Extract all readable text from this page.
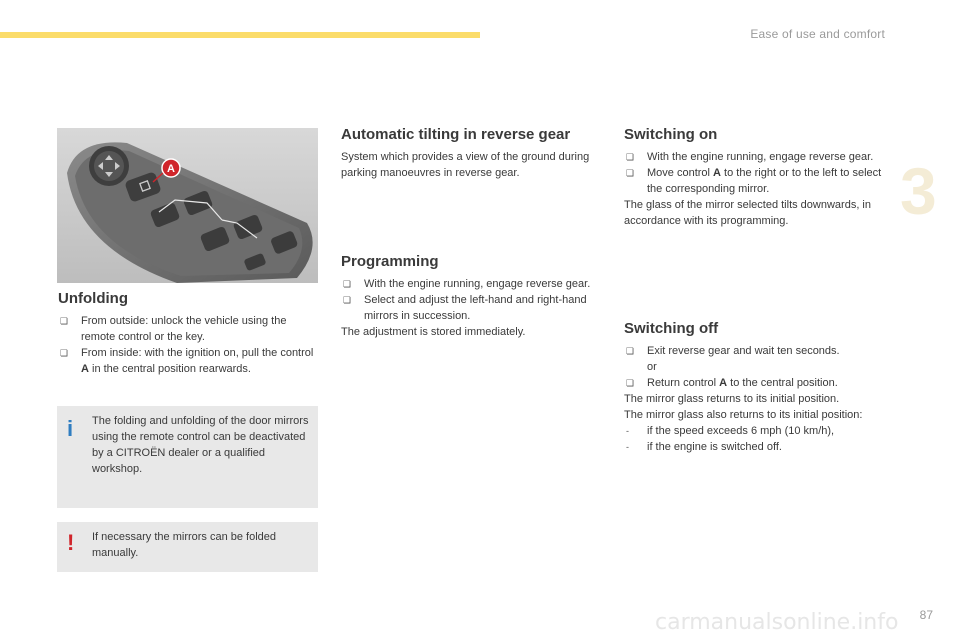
Ease of use and comfort
3
A
Unfolding
❏ From outside: unlock the vehicle using the remote control or the key.
❏ From inside: with the ignition on, pull the control A in the central position rearwards.
i The folding and unfolding of the door mirrors using the remote control can be deactivated by a CITROËN dealer or a qualified workshop.
! If necessary the mirrors can be folded manually.
Automatic tilting in reverse gear
System which provides a view of the ground during parking manoeuvres in reverse gear.
Programming
❏ With the engine running, engage reverse gear.
❏ Select and adjust the left-hand and right-hand mirrors in succession.
The adjustment is stored immediately.
Switching on
❏ With the engine running, engage reverse gear.
❏ Move control A to the right or to the left to select the corresponding mirror.
The glass of the mirror selected tilts downwards, in accordance with its programming.
Switching off
❏ Exit reverse gear and wait ten seconds.
or
❏ Return control A to the central position.
The mirror glass returns to its initial position.
The mirror glass also returns to its initial position:
- if the speed exceeds 6 mph (10 km/h),
- if the engine is switched off.
carmanualsonline.info 87
